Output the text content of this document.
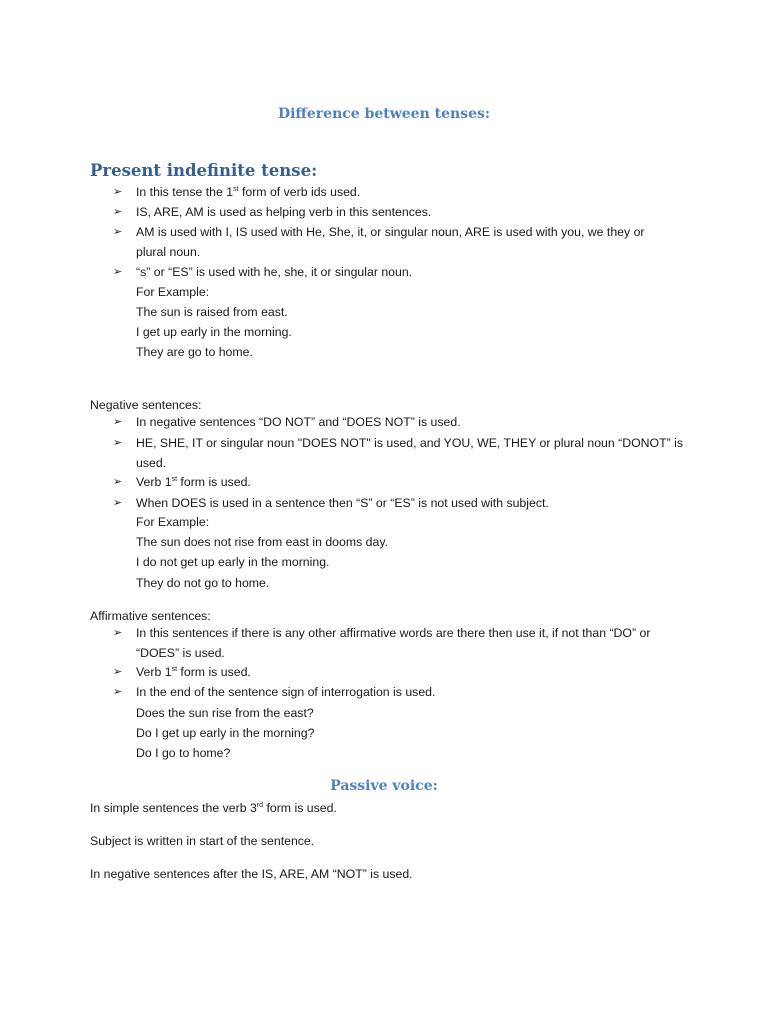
Difference between tenses:
Present indefinite tense:
➢ In this tense the 1st form of verb ids used.
➢ IS, ARE, AM is used as helping verb in this sentences.
➢ AM is used with I, IS used with He, She, it, or singular noun, ARE is used with you, we they or
plural noun.
➢ “s” or “ES” is used with he, she, it or singular noun.
For Example:
The sun is raised from east.
I get up early in the morning.
They are go to home.
Negative sentences:
➢ In negative sentences “DO NOT” and “DOES NOT” is used.
➢ HE, SHE, IT or singular noun "DOES NOT" is used, and YOU, WE, THEY or plural noun “DONOT” is
used.
➢ Verb 1st form is used.
➢ When DOES is used in a sentence then “S” or “ES” is not used with subject.
For Example:
The sun does not rise from east in dooms day.
I do not get up early in the morning.
They do not go to home.
Affirmative sentences:
➢ In this sentences if there is any other affirmative words are there then use it, if not than “DO” or
“DOES” is used.
➢ Verb 1st form is used.
➢ In the end of the sentence sign of interrogation is used.
Does the sun rise from the east?
Do I get up early in the morning?
Do I go to home?
Passive voice:
In simple sentences the verb 3rd form is used.
Subject is written in start of the sentence.
In negative sentences after the IS, ARE, AM “NOT” is used.
